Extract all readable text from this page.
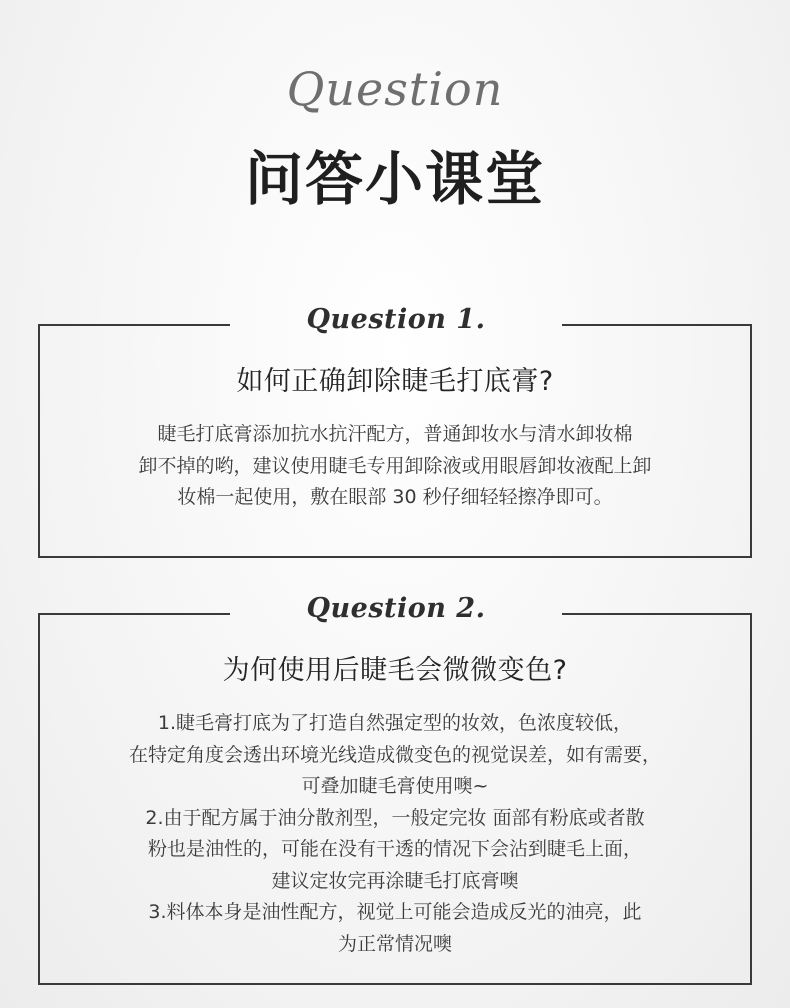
Question
问答小课堂
Question 1.
如何正确卸除睫毛打底膏?
睫毛打底膏添加抗水抗汗配方，普通卸妆水与清水卸妆棉
卸不掉的哟，建议使用睫毛专用卸除液或用眼唇卸妆液配上卸
妆棉一起使用，敷在眼部 30 秒仔细轻轻擦净即可。
Question 2.
为何使用后睫毛会微微变色?
1.睫毛膏打底为了打造自然强定型的妆效，色浓度较低，
在特定角度会透出环境光线造成微变色的视觉误差，如有需要，
可叠加睫毛膏使用噢~
2.由于配方属于油分散剂型，一般定完妆 面部有粉底或者散
粉也是油性的，可能在没有干透的情况下会沾到睫毛上面，
建议定妆完再涂睫毛打底膏噢
3.料体本身是油性配方，视觉上可能会造成反光的油亮，此
为正常情况噢
